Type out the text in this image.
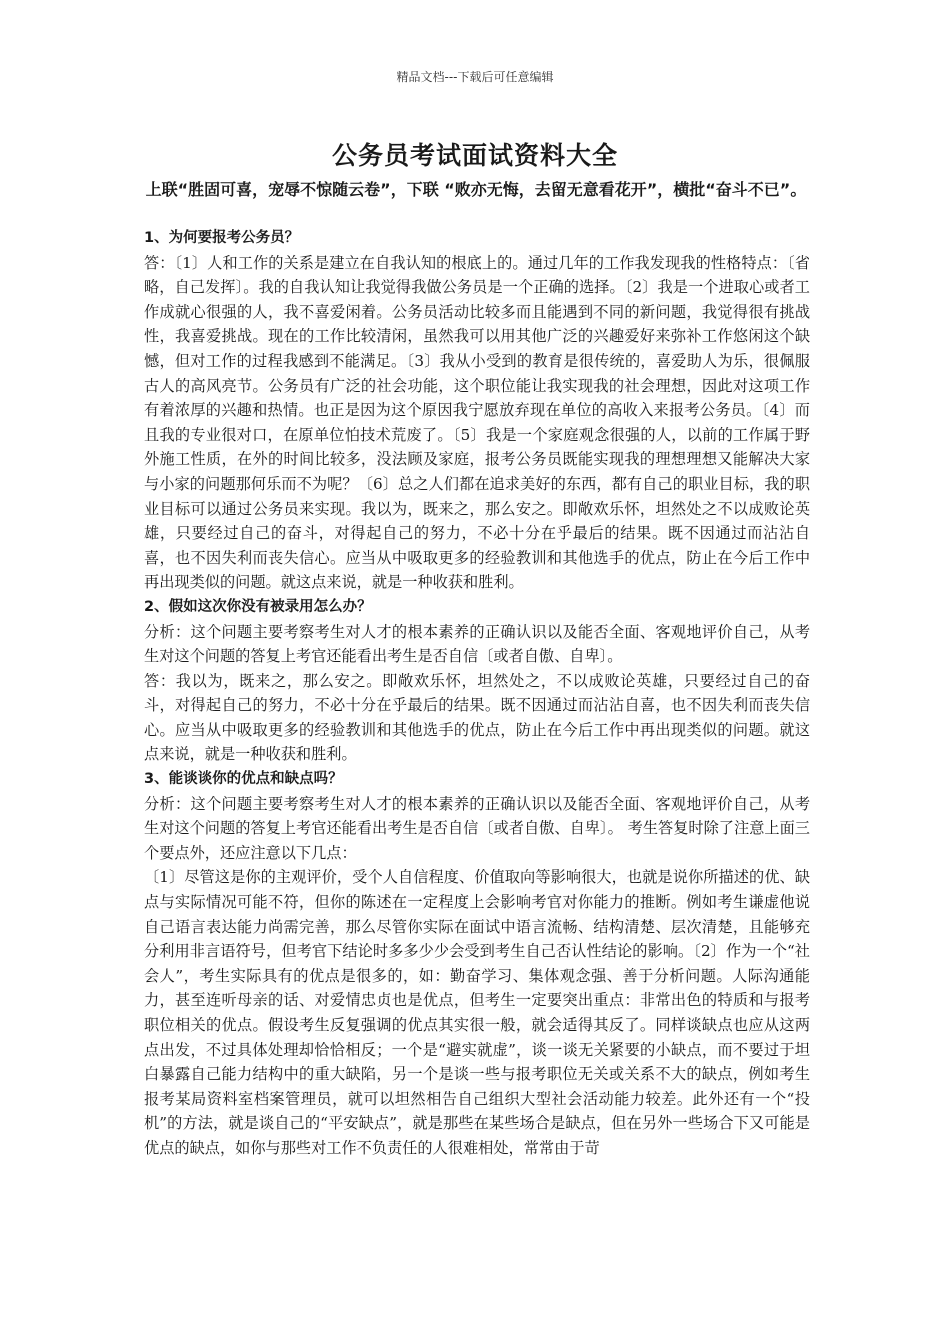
精品文档---下载后可任意编辑
公务员考试面试资料大全
上联“胜固可喜，宠辱不惊随云卷”，下联 “败亦无悔，去留无意看花开”，横批“奋斗不已”。

1、为何要报考公务员？

答：〔1〕人和工作的关系是建立在自我认知的根底上的。通过几年的工作我发现我的性格特点：〔省略，自己发挥〕。我的自我认知让我觉得我做公务员是一个正确的选择。〔2〕我是一个进取心或者工作成就心很强的人，我不喜爱闲着。公务员活动比较多而且能遇到不同的新问题，我觉得很有挑战性，我喜爱挑战。现在的工作比较清闲，虽然我可以用其他广泛的兴趣爱好来弥补工作悠闲这个缺憾，但对工作的过程我感到不能满足。〔3〕我从小受到的教育是很传统的，喜爱助人为乐，很佩服古人的高风亮节。公务员有广泛的社会功能，这个职位能让我实现我的社会理想，因此对这项工作有着浓厚的兴趣和热情。也正是因为这个原因我宁愿放弃现在单位的高收入来报考公务员。〔4〕而且我的专业很对口，在原单位怕技术荒废了。〔5〕我是一个家庭观念很强的人，以前的工作属于野外施工性质，在外的时间比较多，没法顾及家庭，报考公务员既能实现我的理想理想又能解决大家与小家的问题那何乐而不为呢？〔6〕总之人们都在追求美好的东西，都有自己的职业目标，我的职业目标可以通过公务员来实现。我以为，既来之，那么安之。即敞欢乐怀，坦然处之不以成败论英雄，只要经过自己的奋斗，对得起自己的努力，不必十分在乎最后的结果。既不因通过而沾沾自喜，也不因失利而丧失信心。应当从中吸取更多的经验教训和其他选手的优点，防止在今后工作中再出现类似的问题。就这点来说，就是一种收获和胜利。

2、假如这次你没有被录用怎么办？

分析：这个问题主要考察考生对人才的根本素养的正确认识以及能否全面、客观地评价自己，从考生对这个问题的答复上考官还能看出考生是否自信〔或者自傲、自卑〕。

答：我以为，既来之，那么安之。即敞欢乐怀，坦然处之，不以成败论英雄，只要经过自己的奋斗，对得起自己的努力，不必十分在乎最后的结果。既不因通过而沾沾自喜，也不因失利而丧失信心。应当从中吸取更多的经验教训和其他选手的优点，防止在今后工作中再出现类似的问题。就这点来说，就是一种收获和胜利。

3、能谈谈你的优点和缺点吗？

分析：这个问题主要考察考生对人才的根本素养的正确认识以及能否全面、客观地评价自己，从考生对这个问题的答复上考官还能看出考生是否自信〔或者自傲、自卑〕。 考生答复时除了注意上面三个要点外，还应注意以下几点：

〔1〕尽管这是你的主观评价，受个人自信程度、价值取向等影响很大，也就是说你所描述的优、缺点与实际情况可能不符，但你的陈述在一定程度上会影响考官对你能力的推断。例如考生谦虚他说自己语言表达能力尚需完善，那么尽管你实际在面试中语言流畅、结构清楚、层次清楚，且能够充分利用非言语符号，但考官下结论时多多少少会受到考生自己否认性结论的影响。〔2〕作为一个“社会人”，考生实际具有的优点是很多的，如：勤奋学习、集体观念强、善于分析问题。人际沟通能力，甚至连听母亲的话、对爱情忠贞也是优点，但考生一定要突出重点：非常出色的特质和与报考职位相关的优点。假设考生反复强调的优点其实很一般，就会适得其反了。同样谈缺点也应从这两点出发，不过具体处理却恰恰相反；一个是“避实就虚”，谈一谈无关紧要的小缺点，而不要过于坦白暴露自己能力结构中的重大缺陷，另一个是谈一些与报考职位无关或关系不大的缺点，例如考生报考某局资料室档案管理员，就可以坦然相告自己组织大型社会活动能力较差。此外还有一个“投机”的方法，就是谈自己的“平安缺点”，就是那些在某些场合是缺点，但在另外一些场合下又可能是优点的缺点，如你与那些对工作不负责任的人很难相处，常常由于苛
